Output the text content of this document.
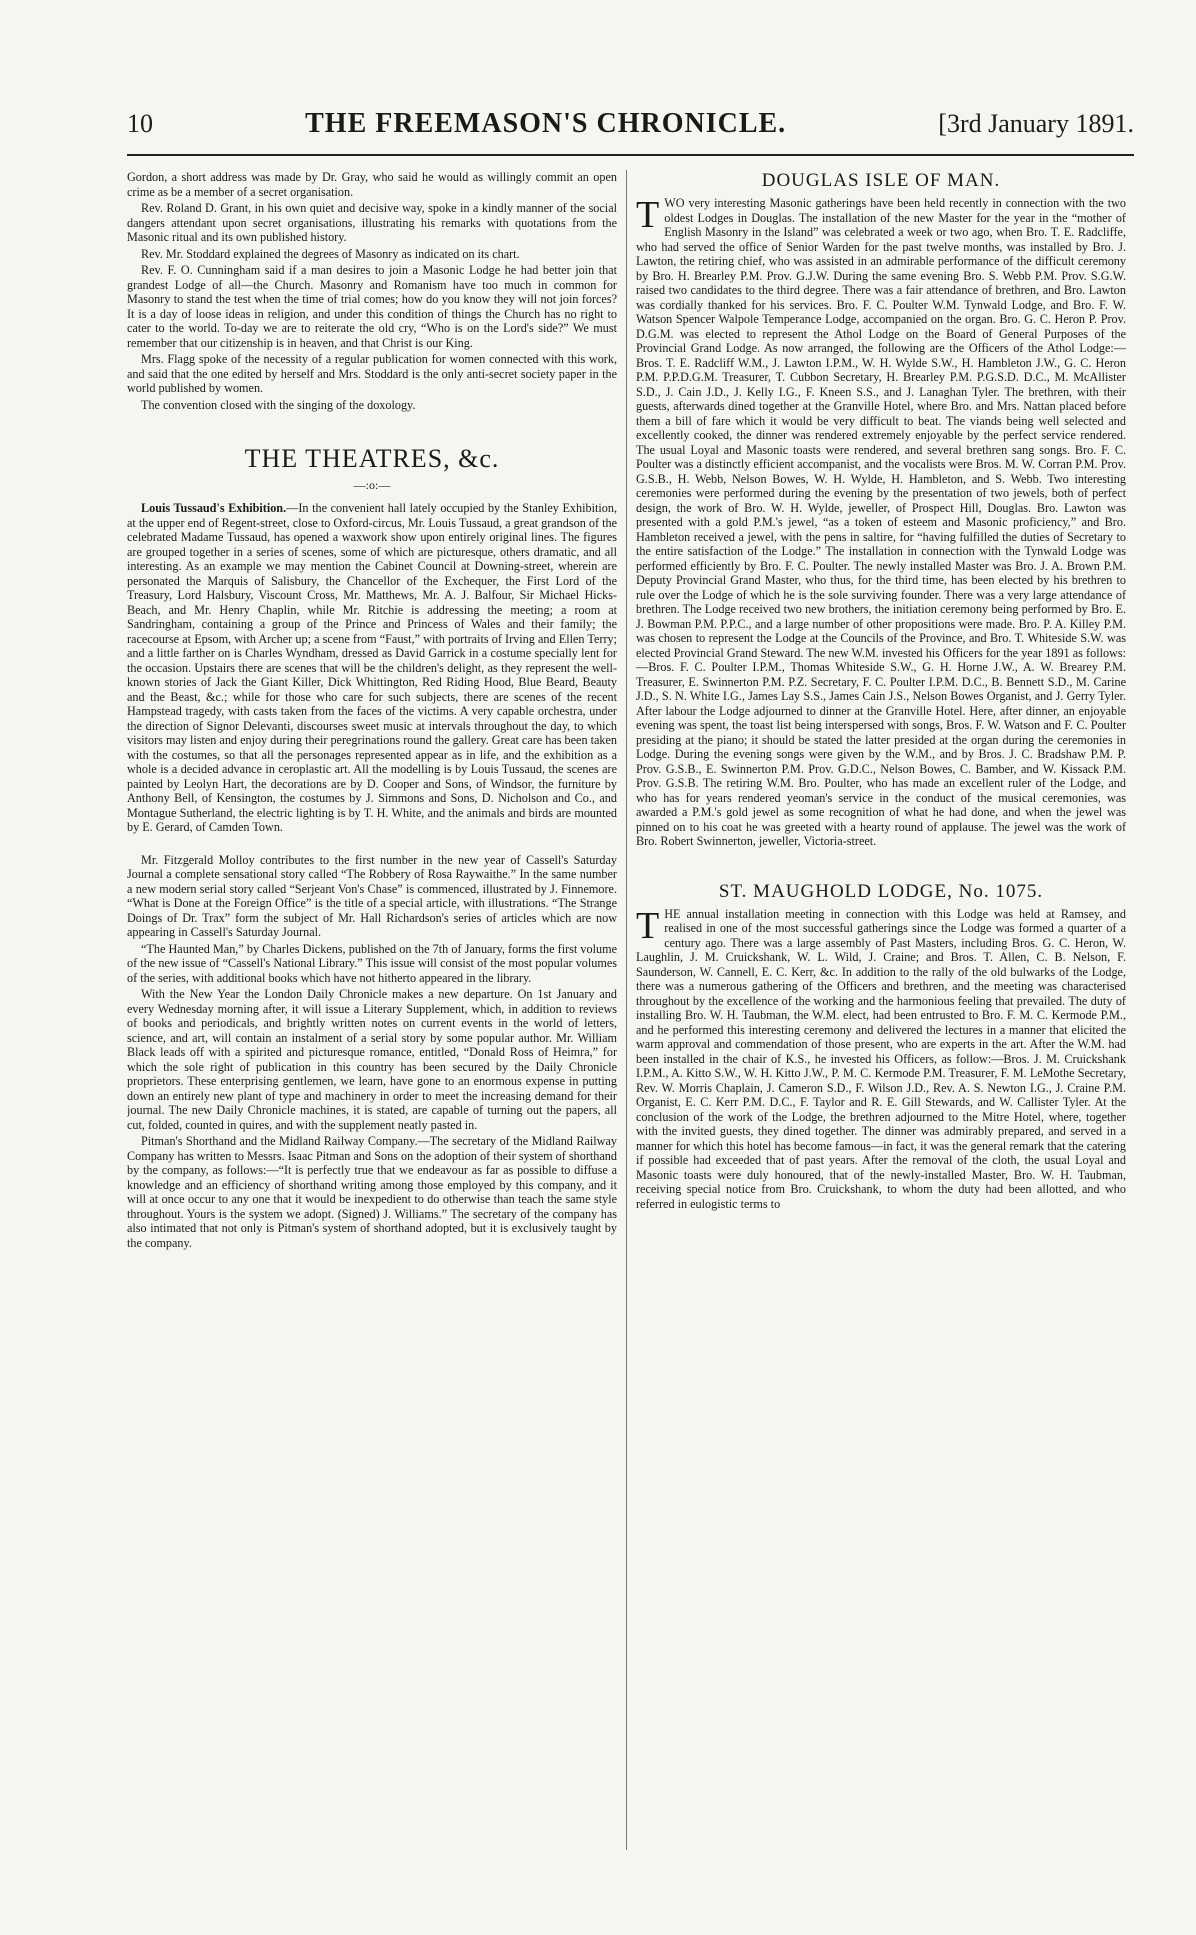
10	THE FREEMASON'S CHRONICLE.	[3rd January 1891.

Gordon, a short address was made by Dr. Gray, who said he would as willingly commit an open crime as be a member of a secret organisation.

Rev. Roland D. Grant, in his own quiet and decisive way, spoke in a kindly manner of the social dangers attendant upon secret organisations, illustrating his remarks with quotations from the Masonic ritual and its own published history.

Rev. Mr. Stoddard explained the degrees of Masonry as indicated on its chart.

Rev. F. O. Cunningham said if a man desires to join a Masonic Lodge he had better join that grandest Lodge of all—the Church. Masonry and Romanism have too much in common for Masonry to stand the test when the time of trial comes; how do you know they will not join forces? It is a day of loose ideas in religion, and under this condition of things the Church has no right to cater to the world. To-day we are to reiterate the old cry, “Who is on the Lord's side?” We must remember that our citizenship is in heaven, and that Christ is our King.

Mrs. Flagg spoke of the necessity of a regular publication for women connected with this work, and said that the one edited by herself and Mrs. Stoddard is the only anti-secret society paper in the world published by women.

The convention closed with the singing of the doxology.

THE THEATRES, &c.
—:o:—

Louis Tussaud's Exhibition.—In the convenient hall lately occupied by the Stanley Exhibition, at the upper end of Regent-street, close to Oxford-circus, Mr. Louis Tussaud, a great grandson of the celebrated Madame Tussaud, has opened a waxwork show upon entirely original lines. The figures are grouped together in a series of scenes, some of which are picturesque, others dramatic, and all interesting. As an example we may mention the Cabinet Council at Downing-street, wherein are personated the Marquis of Salisbury, the Chancellor of the Exchequer, the First Lord of the Treasury, Lord Halsbury, Viscount Cross, Mr. Matthews, Mr. A. J. Balfour, Sir Michael Hicks-Beach, and Mr. Henry Chaplin, while Mr. Ritchie is addressing the meeting; a room at Sandringham, containing a group of the Prince and Princess of Wales and their family; the racecourse at Epsom, with Archer up; a scene from “Faust,” with portraits of Irving and Ellen Terry; and a little farther on is Charles Wyndham, dressed as David Garrick in a costume specially lent for the occasion. Upstairs there are scenes that will be the children's delight, as they represent the well-known stories of Jack the Giant Killer, Dick Whittington, Red Riding Hood, Blue Beard, Beauty and the Beast, &c.; while for those who care for such subjects, there are scenes of the recent Hampstead tragedy, with casts taken from the faces of the victims. A very capable orchestra, under the direction of Signor Delevanti, discourses sweet music at intervals throughout the day, to which visitors may listen and enjoy during their peregrinations round the gallery. Great care has been taken with the costumes, so that all the personages represented appear as in life, and the exhibition as a whole is a decided advance in ceroplastic art. All the modelling is by Louis Tussaud, the scenes are painted by Leolyn Hart, the decorations are by D. Cooper and Sons, of Windsor, the furniture by Anthony Bell, of Kensington, the costumes by J. Simmons and Sons, D. Nicholson and Co., and Montague Sutherland, the electric lighting is by T. H. White, and the animals and birds are mounted by E. Gerard, of Camden Town.

Mr. Fitzgerald Molloy contributes to the first number in the new year of Cassell's Saturday Journal a complete sensational story called “The Robbery of Rosa Raywaithe.” In the same number a new modern serial story called “Serjeant Von's Chase” is commenced, illustrated by J. Finnemore. “What is Done at the Foreign Office” is the title of a special article, with illustrations. “The Strange Doings of Dr. Trax” form the subject of Mr. Hall Richardson's series of articles which are now appearing in Cassell's Saturday Journal.

“The Haunted Man,” by Charles Dickens, published on the 7th of January, forms the first volume of the new issue of “Cassell's National Library.” This issue will consist of the most popular volumes of the series, with additional books which have not hitherto appeared in the library.

With the New Year the London Daily Chronicle makes a new departure. On 1st January and every Wednesday morning after, it will issue a Literary Supplement, which, in addition to reviews of books and periodicals, and brightly written notes on current events in the world of letters, science, and art, will contain an instalment of a serial story by some popular author. Mr. William Black leads off with a spirited and picturesque romance, entitled, “Donald Ross of Heimra,” for which the sole right of publication in this country has been secured by the Daily Chronicle proprietors. These enterprising gentlemen, we learn, have gone to an enormous expense in putting down an entirely new plant of type and machinery in order to meet the increasing demand for their journal. The new Daily Chronicle machines, it is stated, are capable of turning out the papers, all cut, folded, counted in quires, and with the supplement neatly pasted in.

Pitman's Shorthand and the Midland Railway Company.—The secretary of the Midland Railway Company has written to Messrs. Isaac Pitman and Sons on the adoption of their system of shorthand by the company, as follows:—“It is perfectly true that we endeavour as far as possible to diffuse a knowledge and an efficiency of shorthand writing among those employed by this company, and it will at once occur to any one that it would be inexpedient to do otherwise than teach the same style throughout. Yours is the system we adopt. (Signed) J. Williams.” The secretary of the company has also intimated that not only is Pitman's system of shorthand adopted, but it is exclusively taught by the company.

DOUGLAS ISLE OF MAN.

TWO very interesting Masonic gatherings have been held recently in connection with the two oldest Lodges in Douglas. The installation of the new Master for the year in the “mother of English Masonry in the Island” was celebrated a week or two ago, when Bro. T. E. Radcliffe, who had served the office of Senior Warden for the past twelve months, was installed by Bro. J. Lawton, the retiring chief, who was assisted in an admirable performance of the difficult ceremony by Bro. H. Brearley P.M. Prov. G.J.W. During the same evening Bro. S. Webb P.M. Prov. S.G.W. raised two candidates to the third degree. There was a fair attendance of brethren, and Bro. Lawton was cordially thanked for his services. Bro. F. C. Poulter W.M. Tynwald Lodge, and Bro. F. W. Watson Spencer Walpole Temperance Lodge, accompanied on the organ. Bro. G. C. Heron P. Prov. D.G.M. was elected to represent the Athol Lodge on the Board of General Purposes of the Provincial Grand Lodge. As now arranged, the following are the Officers of the Athol Lodge:—Bros. T. E. Radcliff W.M., J. Lawton I.P.M., W. H. Wylde S.W., H. Hambleton J.W., G. C. Heron P.M. P.P.D.G.M. Treasurer, T. Cubbon Secretary, H. Brearley P.M. P.G.S.D. D.C., M. McAllister S.D., J. Cain J.D., J. Kelly I.G., F. Kneen S.S., and J. Lanaghan Tyler. The brethren, with their guests, afterwards dined together at the Granville Hotel, where Bro. and Mrs. Nattan placed before them a bill of fare which it would be very difficult to beat. The viands being well selected and excellently cooked, the dinner was rendered extremely enjoyable by the perfect service rendered. The usual Loyal and Masonic toasts were rendered, and several brethren sang songs. Bro. F. C. Poulter was a distinctly efficient accompanist, and the vocalists were Bros. M. W. Corran P.M. Prov. G.S.B., H. Webb, Nelson Bowes, W. H. Wylde, H. Hambleton, and S. Webb. Two interesting ceremonies were performed during the evening by the presentation of two jewels, both of perfect design, the work of Bro. W. H. Wylde, jeweller, of Prospect Hill, Douglas. Bro. Lawton was presented with a gold P.M.'s jewel, “as a token of esteem and Masonic proficiency,” and Bro. Hambleton received a jewel, with the pens in saltire, for “having fulfilled the duties of Secretary to the entire satisfaction of the Lodge.” The installation in connection with the Tynwald Lodge was performed efficiently by Bro. F. C. Poulter. The newly installed Master was Bro. J. A. Brown P.M. Deputy Provincial Grand Master, who thus, for the third time, has been elected by his brethren to rule over the Lodge of which he is the sole surviving founder. There was a very large attendance of brethren. The Lodge received two new brothers, the initiation ceremony being performed by Bro. E. J. Bowman P.M. P.P.C., and a large number of other propositions were made. Bro. P. A. Killey P.M. was chosen to represent the Lodge at the Councils of the Province, and Bro. T. Whiteside S.W. was elected Provincial Grand Steward. The new W.M. invested his Officers for the year 1891 as follows:—Bros. F. C. Poulter I.P.M., Thomas Whiteside S.W., G. H. Horne J.W., A. W. Brearey P.M. Treasurer, E. Swinnerton P.M. P.Z. Secretary, F. C. Poulter I.P.M. D.C., B. Bennett S.D., M. Carine J.D., S. N. White I.G., James Lay S.S., James Cain J.S., Nelson Bowes Organist, and J. Gerry Tyler. After labour the Lodge adjourned to dinner at the Granville Hotel. Here, after dinner, an enjoyable evening was spent, the toast list being interspersed with songs, Bros. F. W. Watson and F. C. Poulter presiding at the piano; it should be stated the latter presided at the organ during the ceremonies in Lodge. During the evening songs were given by the W.M., and by Bros. J. C. Bradshaw P.M. P. Prov. G.S.B., E. Swinnerton P.M. Prov. G.D.C., Nelson Bowes, C. Bamber, and W. Kissack P.M. Prov. G.S.B. The retiring W.M. Bro. Poulter, who has made an excellent ruler of the Lodge, and who has for years rendered yeoman's service in the conduct of the musical ceremonies, was awarded a P.M.'s gold jewel as some recognition of what he had done, and when the jewel was pinned on to his coat he was greeted with a hearty round of applause. The jewel was the work of Bro. Robert Swinnerton, jeweller, Victoria-street.

ST. MAUGHOLD LODGE, No. 1075.

THE annual installation meeting in connection with this Lodge was held at Ramsey, and realised in one of the most successful gatherings since the Lodge was formed a quarter of a century ago. There was a large assembly of Past Masters, including Bros. G. C. Heron, W. Laughlin, J. M. Cruickshank, W. L. Wild, J. Craine; and Bros. T. Allen, C. B. Nelson, F. Saunderson, W. Cannell, E. C. Kerr, &c. In addition to the rally of the old bulwarks of the Lodge, there was a numerous gathering of the Officers and brethren, and the meeting was characterised throughout by the excellence of the working and the harmonious feeling that prevailed. The duty of installing Bro. W. H. Taubman, the W.M. elect, had been entrusted to Bro. F. M. C. Kermode P.M., and he performed this interesting ceremony and delivered the lectures in a manner that elicited the warm approval and commendation of those present, who are experts in the art. After the W.M. had been installed in the chair of K.S., he invested his Officers, as follow:—Bros. J. M. Cruickshank I.P.M., A. Kitto S.W., W. H. Kitto J.W., P. M. C. Kermode P.M. Treasurer, F. M. LeMothe Secretary, Rev. W. Morris Chaplain, J. Cameron S.D., F. Wilson J.D., Rev. A. S. Newton I.G., J. Craine P.M. Organist, E. C. Kerr P.M. D.C., F. Taylor and R. E. Gill Stewards, and W. Callister Tyler. At the conclusion of the work of the Lodge, the brethren adjourned to the Mitre Hotel, where, together with the invited guests, they dined together. The dinner was admirably prepared, and served in a manner for which this hotel has become famous—in fact, it was the general remark that the catering if possible had exceeded that of past years. After the removal of the cloth, the usual Loyal and Masonic toasts were duly honoured, that of the newly-installed Master, Bro. W. H. Taubman, receiving special notice from Bro. Cruickshank, to whom the duty had been allotted, and who referred in eulogistic terms to
